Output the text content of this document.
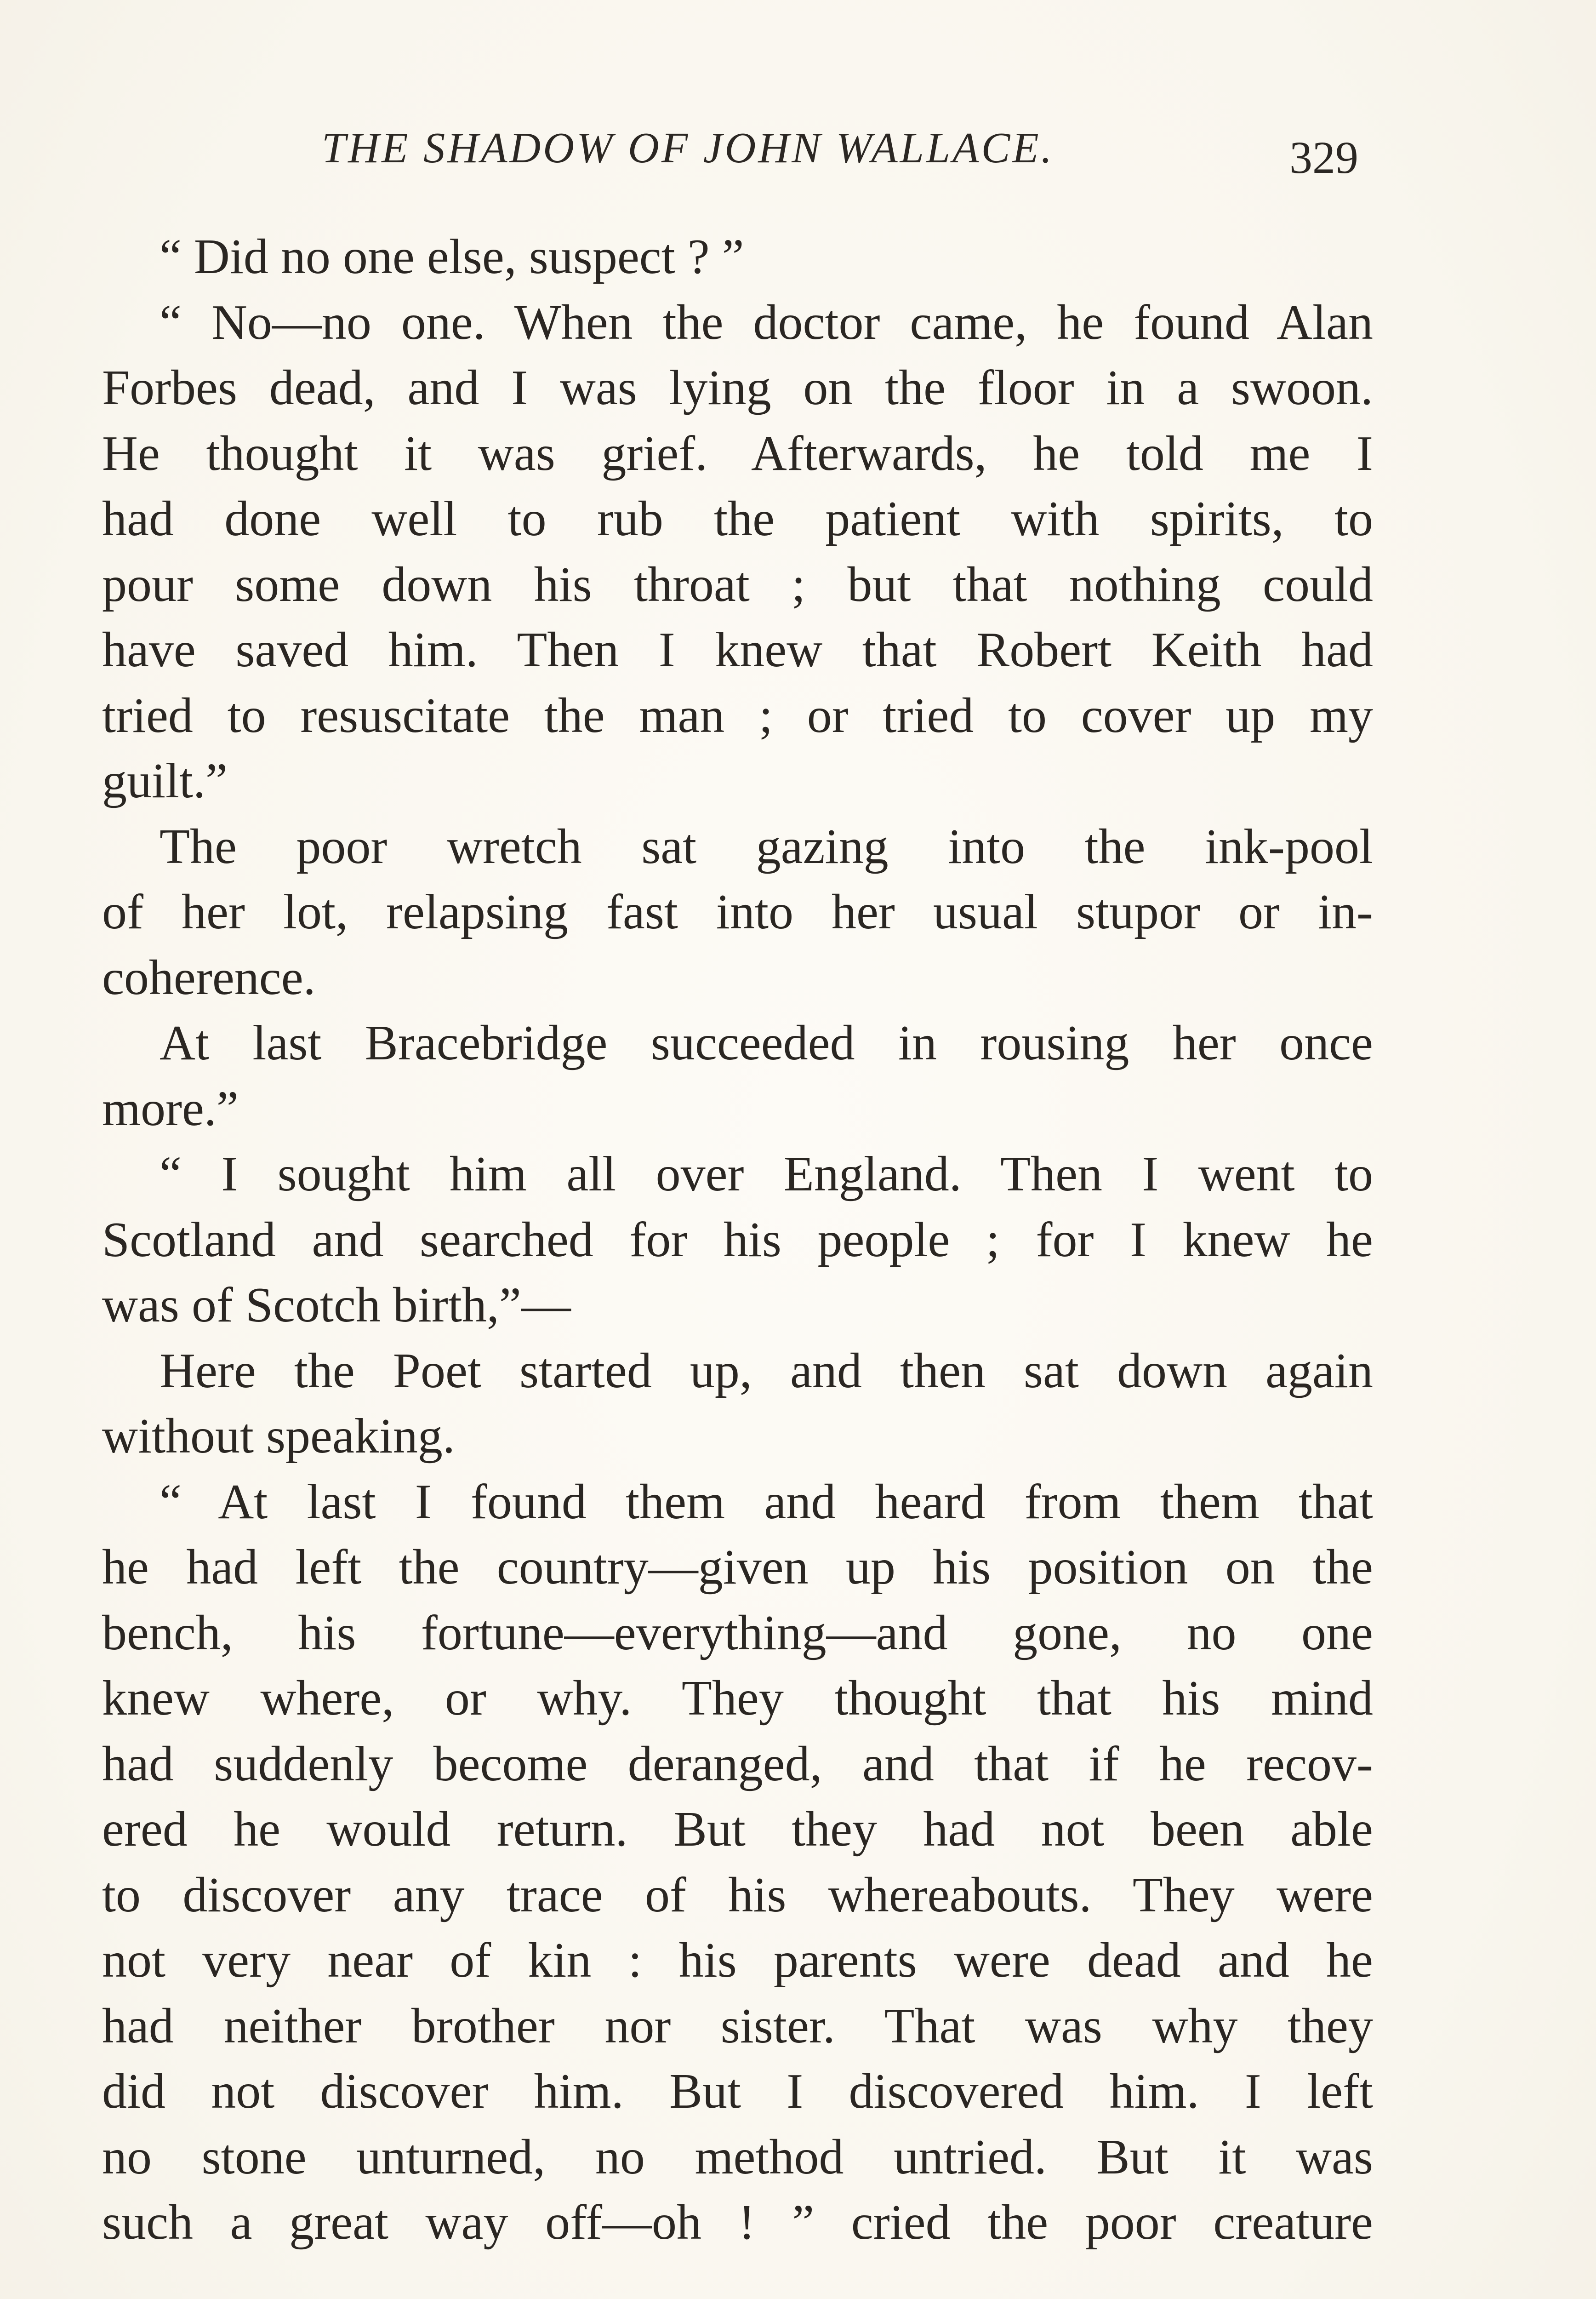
THE SHADOW OF JOHN WALLACE.	329
“ Did no one else, suspect ? ”
“ No—no one. When the doctor came, he found Alan
Forbes dead, and I was lying on the floor in a swoon.
He thought it was grief. Afterwards, he told me I
had done well to rub the patient with spirits, to
pour some down his throat ; but that nothing could
have saved him. Then I knew that Robert Keith had
tried to resuscitate the man ; or tried to cover up my
guilt.”
The poor wretch sat gazing into the ink-pool
of her lot, relapsing fast into her usual stupor or in-
coherence.
At last Bracebridge succeeded in rousing her once
more.”
“ I sought him all over England. Then I went to
Scotland and searched for his people ; for I knew he
was of Scotch birth,”—
Here the Poet started up, and then sat down again
without speaking.
“ At last I found them and heard from them that
he had left the country—given up his position on the
bench, his fortune—everything—and gone, no one
knew where, or why. They thought that his mind
had suddenly become deranged, and that if he recov-
ered he would return. But they had not been able
to discover any trace of his whereabouts. They were
not very near of kin : his parents were dead and he
had neither brother nor sister. That was why they
did not discover him. But I discovered him. I left
no stone unturned, no method untried. But it was
such a great way off—oh ! ” cried the poor creature
